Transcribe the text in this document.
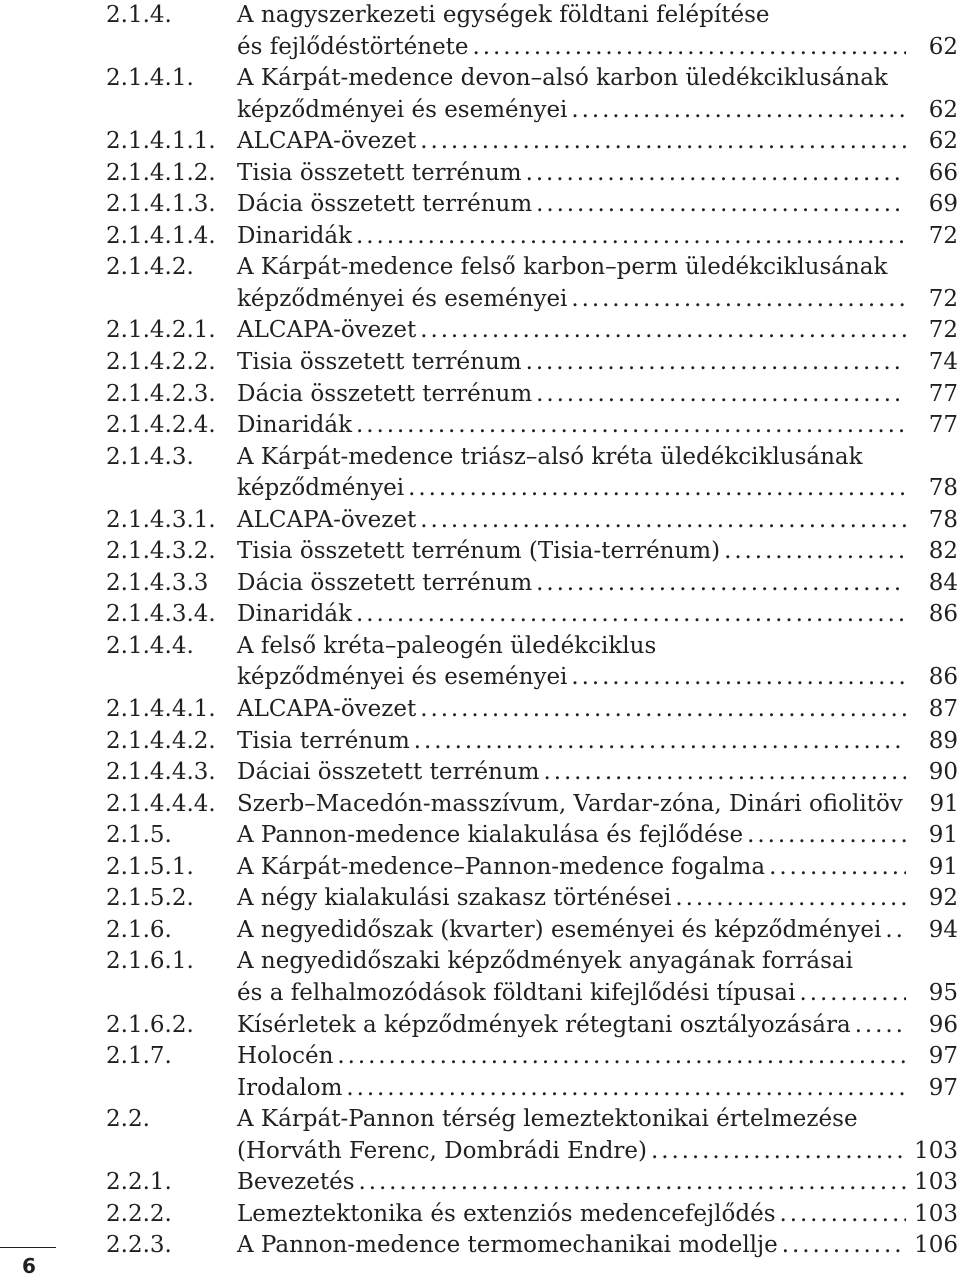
2.1.4.	A nagyszerkezeti egységek földtani felépítése
és fejlődéstörténete . . .	62
2.1.4.1. A Kárpát-medence devon–alsó karbon üledékciklusának
képződményei és eseményei . . .	62
2.1.4.1.1. ALCAPA-övezet . . .	62
2.1.4.1.2. Tisia összetett terrénum . . .	66
2.1.4.1.3. Dácia összetett terrénum . . .	69
2.1.4.1.4. Dinaridák . . .	72
2.1.4.2. A Kárpát-medence felső karbon–perm üledékciklusának
képződményei és eseményei . . .	72
2.1.4.2.1. ALCAPA-övezet . . .	72
2.1.4.2.2. Tisia összetett terrénum . . .	74
2.1.4.2.3. Dácia összetett terrénum . . .	77
2.1.4.2.4. Dinaridák . . .	77
2.1.4.3. A Kárpát-medence triász–alsó kréta üledékciklusának
képződményei . . .	78
2.1.4.3.1. ALCAPA-övezet . . .	78
2.1.4.3.2. Tisia összetett terrénum (Tisia-terrénum) . . .	82
2.1.4.3.3 Dácia összetett terrénum . . .	84
2.1.4.3.4. Dinaridák . . .	86
2.1.4.4. A felső kréta–paleogén üledékciklus
képződményei és eseményei . . .	86
2.1.4.4.1. ALCAPA-övezet . . .	87
2.1.4.4.2. Tisia terrénum . . .	89
2.1.4.4.3. Dáciai összetett terrénum . . .	90
2.1.4.4.4. Szerb–Macedón-masszívum, Vardar-zóna, Dinári ofiolitöv	91
2.1.5.	A Pannon-medence kialakulása és fejlődése . . .	91
2.1.5.1. A Kárpát-medence–Pannon-medence fogalma . . .	91
2.1.5.2. A négy kialakulási szakasz történései . . .	92
2.1.6.	A negyedidőszak (kvarter) eseményei és képződményei . . .	94
2.1.6.1. A negyedidőszaki képződmények anyagának forrásai
és a felhalmozódások földtani kifejlődési típusai . . .	95
2.1.6.2. Kísérletek a képződmények rétegtani osztályozására . . .	96
2.1.7.	Holocén . . .	97
Irodalom . . .	97
2.2.	A Kárpát-Pannon térség lemeztektonikai értelmezése
(Horváth Ferenc, Dombrádi Endre) . . .	103
2.2.1.	Bevezetés . . .	103
2.2.2.	Lemeztektonika és extenziós medencefejlődés . . .	103
2.2.3.	A Pannon-medence termomechanikai modellje . . .	106
6
